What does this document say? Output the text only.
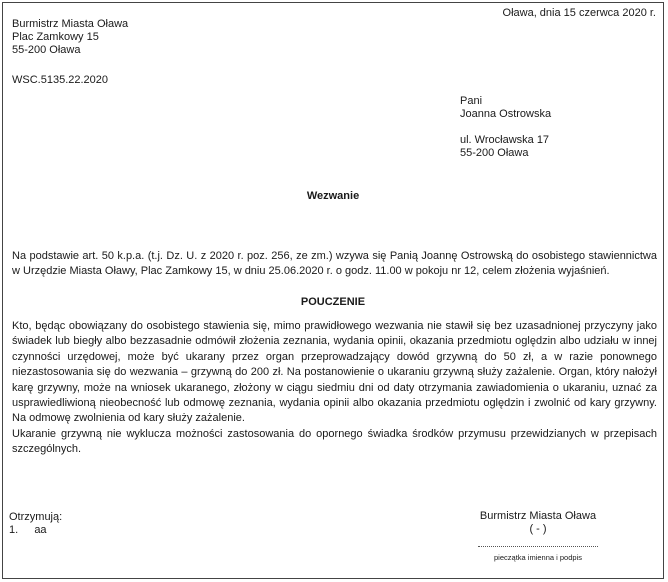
Oława, dnia 15 czerwca 2020 r.
Burmistrz Miasta Oława
Plac Zamkowy 15
55-200 Oława
WSC.5135.22.2020
Pani
Joanna Ostrowska
ul. Wrocławska 17
55-200 Oława
Wezwanie

Na podstawie art. 50 k.p.a. (t.j. Dz. U. z 2020 r. poz. 256, ze zm.) wzywa się Panią Joannę Ostrowską do osobistego stawiennictwa w Urzędzie Miasta Oławy, Plac Zamkowy 15, w dniu 25.06.2020 r. o godz. 11.00 w pokoju nr 12, celem złożenia wyjaśnień.

POUCZENIE

Kto, będąc obowiązany do osobistego stawienia się, mimo prawidłowego wezwania nie stawił się bez uzasadnionej przyczyny jako świadek lub biegły albo bezzasadnie odmówił złożenia zeznania, wydania opinii, okazania przedmiotu oględzin albo udziału w innej czynności urzędowej, może być ukarany przez organ przeprowadzający dowód grzywną do 50 zł, a w razie ponownego niezastosowania się do wezwania – grzywną do 200 zł. Na postanowienie o ukaraniu grzywną służy zażalenie. Organ, który nałożył karę grzywny, może na wniosek ukaranego, złożony w ciągu siedmiu dni od daty otrzymania zawiadomienia o ukaraniu, uznać za usprawiedliwioną nieobecność lub odmowę zeznania, wydania opinii albo okazania przedmiotu oględzin i zwolnić od kary grzywny. Na odmowę zwolnienia od kary służy zażalenie.

Ukaranie grzywną nie wyklucza możności zastosowania do opornego świadka środków przymusu przewidzianych w przepisach szczególnych.

Otrzymują:
1. aa
Burmistrz Miasta Oława
( - )
pieczątka imienna i podpis
